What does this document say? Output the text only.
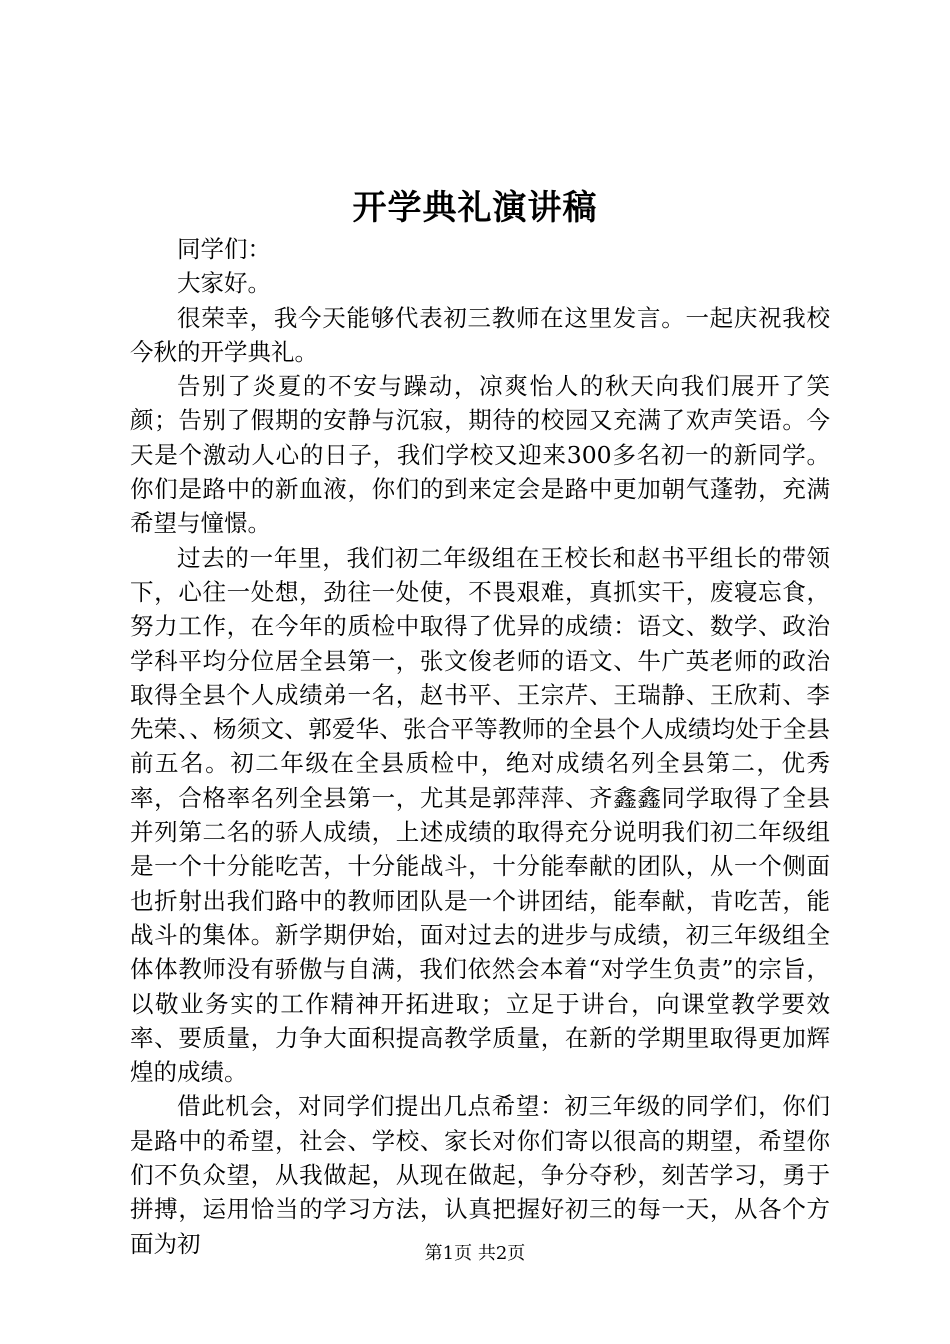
开学典礼演讲稿

同学们：

大家好。

很荣幸，我今天能够代表初三教师在这里发言。一起庆祝我校今秋的开学典礼。

告别了炎夏的不安与躁动，凉爽怡人的秋天向我们展开了笑颜；告别了假期的安静与沉寂，期待的校园又充满了欢声笑语。今天是个激动人心的日子，我们学校又迎来300多名初一的新同学。你们是路中的新血液，你们的到来定会是路中更加朝气蓬勃，充满希望与憧憬。

过去的一年里，我们初二年级组在王校长和赵书平组长的带领下，心往一处想，劲往一处使，不畏艰难，真抓实干，废寝忘食，努力工作，在今年的质检中取得了优异的成绩：语文、数学、政治学科平均分位居全县第一，张文俊老师的语文、牛广英老师的政治取得全县个人成绩弟一名，赵书平、王宗芹、王瑞静、王欣莉、李先荣、、杨须文、郭爱华、张合平等教师的全县个人成绩均处于全县前五名。初二年级在全县质检中，绝对成绩名列全县第二，优秀率，合格率名列全县第一，尤其是郭萍萍、齐鑫鑫同学取得了全县并列第二名的骄人成绩，上述成绩的取得充分说明我们初二年级组是一个十分能吃苦，十分能战斗，十分能奉献的团队，从一个侧面也折射出我们路中的教师团队是一个讲团结，能奉献，肯吃苦，能战斗的集体。新学期伊始，面对过去的进步与成绩，初三年级组全体体教师没有骄傲与自满，我们依然会本着“对学生负责”的宗旨，以敬业务实的工作精神开拓进取；立足于讲台，向课堂教学要效率、要质量，力争大面积提高教学质量，在新的学期里取得更加辉煌的成绩。

借此机会，对同学们提出几点希望：初三年级的同学们，你们是路中的希望，社会、学校、家长对你们寄以很高的期望，希望你们不负众望，从我做起，从现在做起，争分夺秒，刻苦学习，勇于拼搏，运用恰当的学习方法，认真把握好初三的每一天，从各个方面为初	第1页 共2页
